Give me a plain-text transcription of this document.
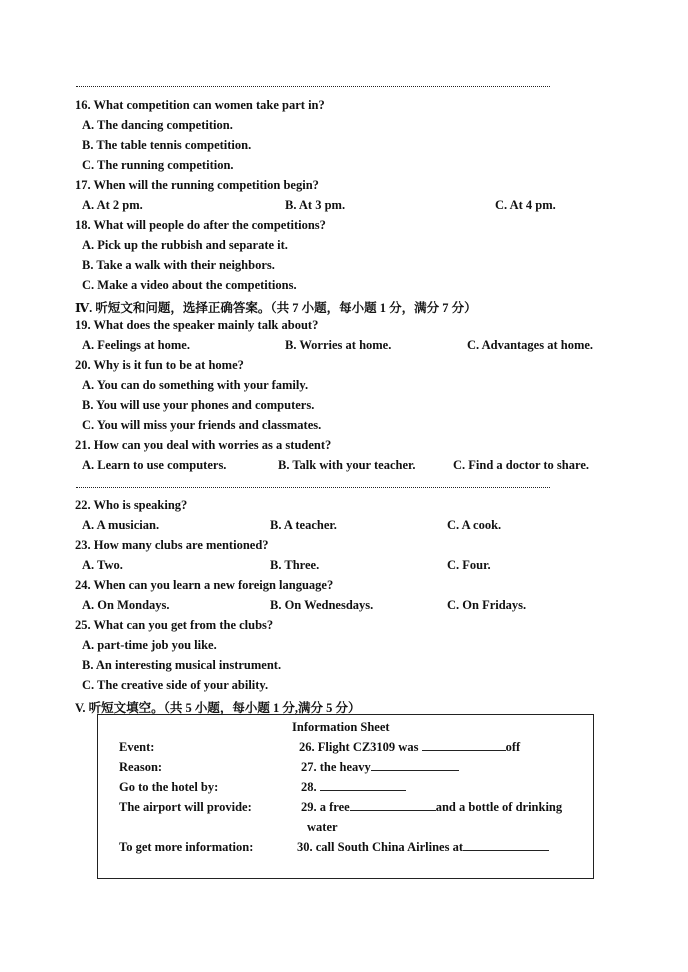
16. What competition can women take part in?
A. The dancing competition.
B. The table tennis competition.
C. The running competition.
17. When will the running competition begin?
A. At 2 pm.	B. At 3 pm.	C. At 4 pm.
18. What will people do after the competitions?
A. Pick up the rubbish and separate it.
B. Take a walk with their neighbors.
C. Make a video about the competitions.
Ⅳ. 听短文和问题，选择正确答案。（共 7 小题，每小题 1 分，满分 7 分）
19. What does the speaker mainly talk about?
A. Feelings at home.	B. Worries at home.	C. Advantages at home.
20. Why is it fun to be at home?
A. You can do something with your family.
B. You will use your phones and computers.
C. You will miss your friends and classmates.
21. How can you deal with worries as a student?
A. Learn to use computers.	B. Talk with your teacher.	C. Find a doctor to share.
22. Who is speaking?
A. A musician.	B. A teacher.	C. A cook.
23. How many clubs are mentioned?
A. Two.	B. Three.	C. Four.
24. When can you learn a new foreign language?
A. On Mondays.	B. On Wednesdays.	C. On Fridays.
25. What can you get from the clubs?
A. part-time job you like.
B. An interesting musical instrument.
C. The creative side of your ability.
V. 听短文填空。（共 5 小题，每小题 1 分,满分 5 分）
Information Sheet
Event:	26. Flight CZ3109 was	off
Reason:	27. the heavy
Go to the hotel by:	28.
The airport will provide:	29. a free	and a bottle of drinking
water
To get more information:	30. call South China Airlines at
